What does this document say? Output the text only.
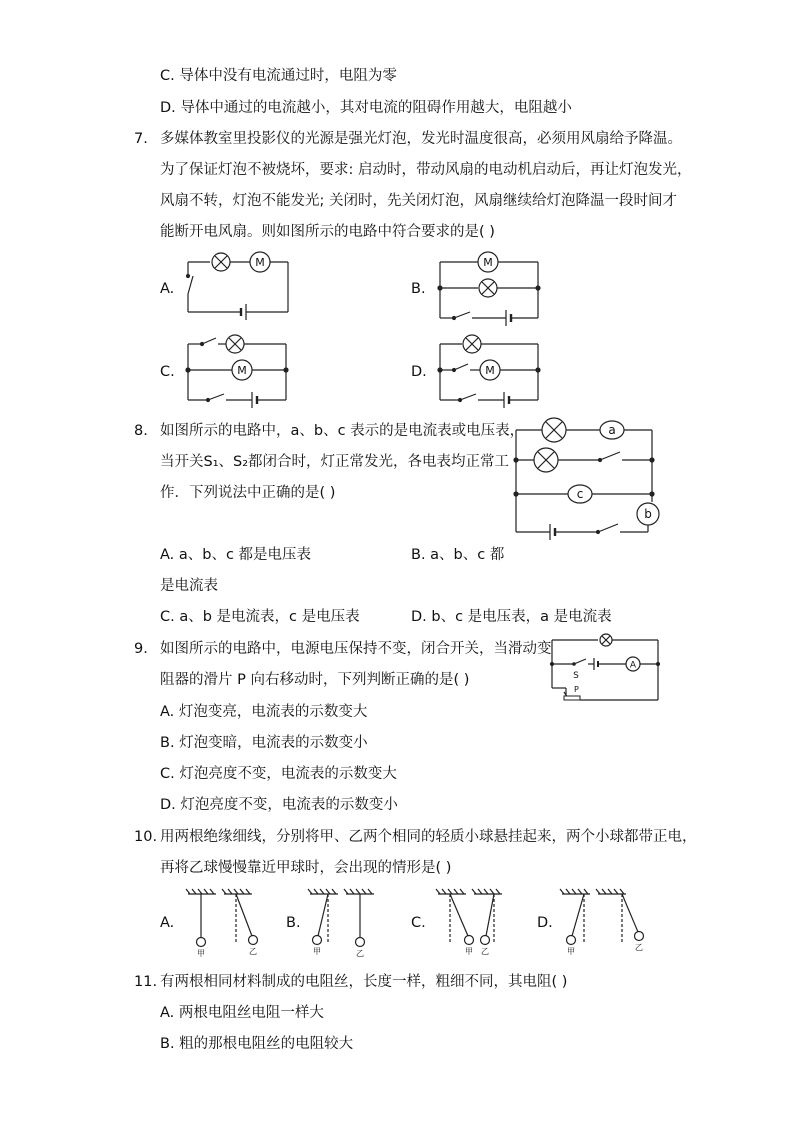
C. 导体中没有电流通过时，电阻为零
D. 导体中通过的电流越小，其对电流的阻碍作用越大，电阻越小
7. 多媒体教室里投影仪的光源是强光灯泡，发光时温度很高，必须用风扇给予降温。
为了保证灯泡不被烧坏，要求: 启动时，带动风扇的电动机启动后，再让灯泡发光，
风扇不转，灯泡不能发光; 关闭时，先关闭灯泡，风扇继续给灯泡降温一段时间才
能断开电风扇。则如图所示的电路中符合要求的是( )
A.	B.
C.	D.
M	M
M	M
8. 如图所示的电路中，a、b、c 表示的是电流表或电压表，
当开关S₁、S₂都闭合时，灯正常发光，各电表均正常工
作．下列说法中正确的是( )
a
c
b
A. a、b、c 都是电压表	B. a、b、c 都
是电流表
C. a、b 是电流表，c 是电压表	D. b、c 是电压表，a 是电流表
9. 如图所示的电路中，电源电压保持不变，闭合开关，当滑动变
阻器的滑片 P 向右移动时，下列判断正确的是( )
A. 灯泡变亮，电流表的示数变大
B. 灯泡变暗，电流表的示数变小
C. 灯泡亮度不变，电流表的示数变大
D. 灯泡亮度不变，电流表的示数变小
A
S
P
10. 用两根绝缘细线，分别将甲、乙两个相同的轻质小球悬挂起来，两个小球都带正电，
再将乙球慢慢靠近甲球时，会出现的情形是( )
A.	B.	C.	D.
甲	乙	甲	乙	甲 乙	甲	乙
11. 有两根相同材料制成的电阻丝，长度一样，粗细不同，其电阻( )
A. 两根电阻丝电阻一样大
B. 粗的那根电阻丝的电阻较大
